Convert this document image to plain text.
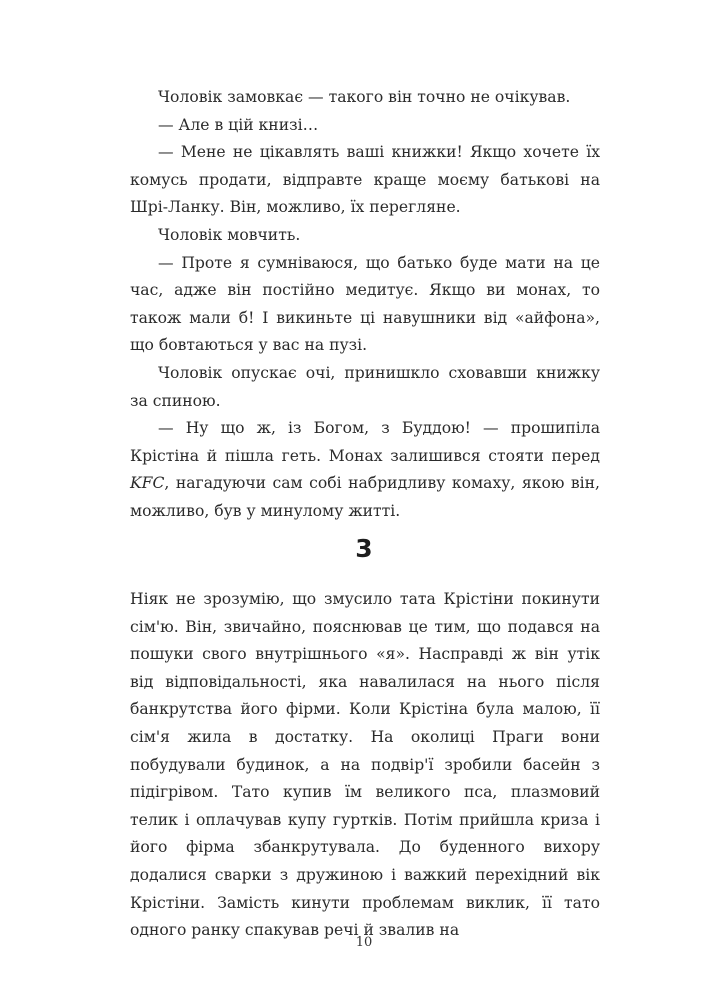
Чоловік замовкає — такого він точно не очікував.

— Але в цій книзі…

— Мене не цікавлять ваші книжки! Якщо хочете їх комусь продати, відправте краще моєму батькові на Шрі-Ланку. Він, можливо, їх перегляне.

Чоловік мовчить.

— Проте я сумніваюся, що батько буде мати на це час, адже він постійно медитує. Якщо ви монах, то також мали б! І викиньте ці навушники від «айфона», що бовтаються у вас на пузі.

Чоловік опускає очі, принишкло сховавши книжку за спиною.

— Ну що ж, із Богом, з Буддою! — прошипіла Крістіна й пішла геть. Монах залишився стояти перед KFC, нагадуючи сам собі набридливу комаху, якою він, можливо, був у минулому житті.

3

Ніяк не зрозумію, що змусило тата Крістіни покинути сім'ю. Він, звичайно, пояснював це тим, що подався на пошуки свого внутрішнього «я». Насправді ж він утік від відповідальності, яка навалилася на нього після банкрутства його фірми. Коли Крістіна була малою, її сім'я жила в достатку. На околиці Праги вони побудували будинок, а на подвір'ї зробили басейн з підігрівом. Тато купив їм великого пса, плазмовий телик і оплачував купу гуртків. Потім прийшла криза і його фірма збанкрутувала. До буденного вихору додалися сварки з дружиною і важкий перехідний вік Крістіни. Замість кинути проблемам виклик, її тато одного ранку спакував речі й звалив на

10
